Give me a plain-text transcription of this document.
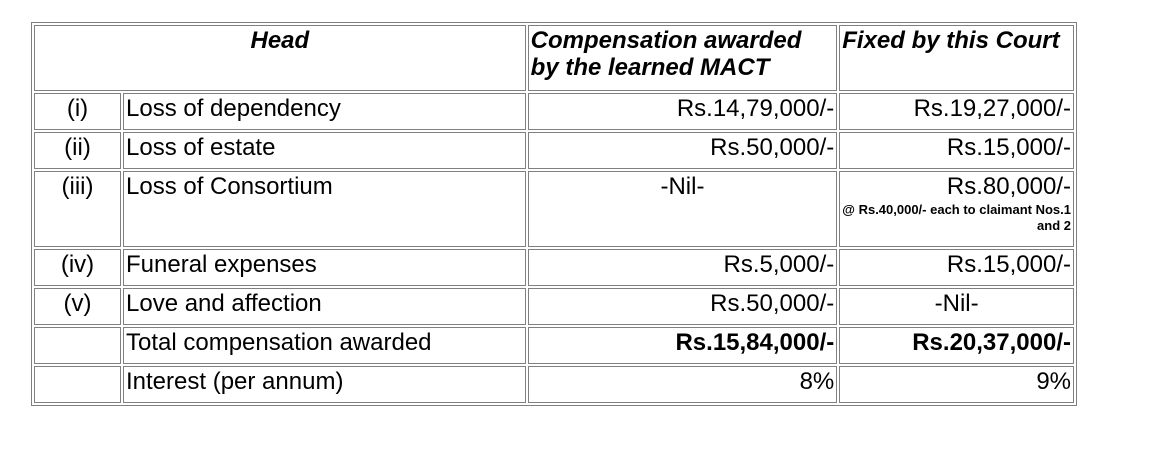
Head		Compensation awarded by the learned MACT	Fixed by this Court
(i)	Loss of dependency	Rs.14,79,000/-	Rs.19,27,000/-
(ii)	Loss of estate	Rs.50,000/-	Rs.15,000/-
(iii)	Loss of Consortium	-Nil-	Rs.80,000/-
@ Rs.40,000/- each to claimant Nos.1 and 2

(iv)	Funeral expenses	Rs.5,000/-	Rs.15,000/-
(v)	Love and affection	Rs.50,000/-	-Nil-
	Total compensation awarded	Rs.15,84,000/-	Rs.20,37,000/-
	Interest (per annum)	8%	9%
